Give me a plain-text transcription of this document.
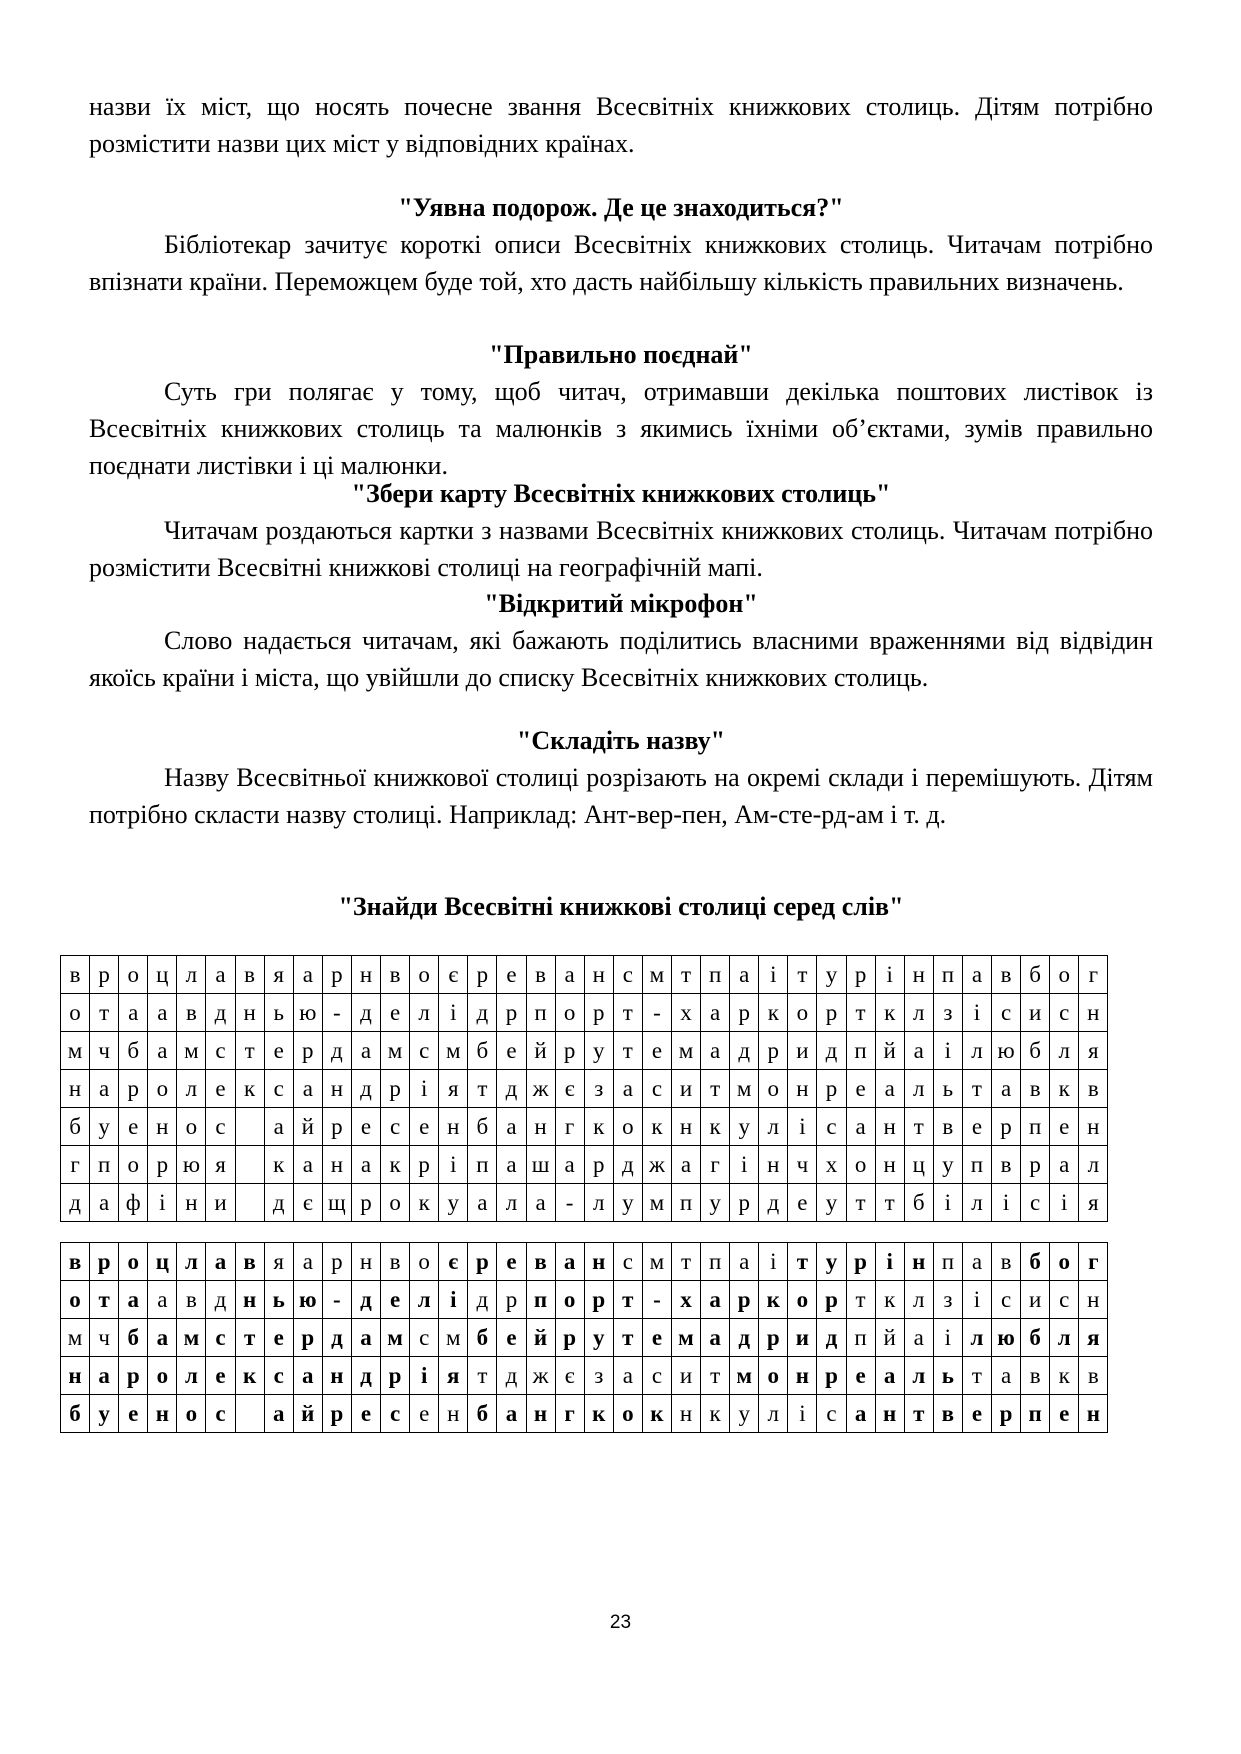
назви їх міст, що носять почесне звання Всесвітніх книжкових столиць. Дітям потрібно розмістити назви цих міст у відповідних країнах.

"Уявна подорож. Де це знаходиться?"

Бібліотекар зачитує короткі описи Всесвітніх книжкових столиць. Читачам потрібно впізнати країни. Переможцем буде той, хто дасть найбільшу кількість правильних визначень.

"Правильно поєднай"

Суть гри полягає у тому, щоб читач, отримавши декілька поштових листівок із Всесвітніх книжкових столиць та малюнків з якимись їхніми об’єктами, зумів правильно поєднати листівки і ці малюнки.

"Збери карту Всесвітніх книжкових столиць"

Читачам роздаються картки з назвами Всесвітніх книжкових столиць. Читачам потрібно розмістити Всесвітні книжкові столиці на географічній мапі.

"Відкритий мікрофон"

Слово надається читачам, які бажають поділитись власними враженнями від відвідин якоїсь країни і міста, що увійшли до списку Всесвітніх книжкових столиць.

"Складіть назву"

Назву Всесвітньої книжкової столиці розрізають на окремі склади і перемішують. Дітям потрібно скласти назву столиці. Наприклад: Ант-вер-пен, Ам-сте-рд-ам і т. д.

"Знайди Всесвітні книжкові столиці серед слів"

в	р	о	ц	л	а	в	я	а	р	н	в	о	є	р	е	в	а	н	с	м	т	п	а	і	т	у	р	і	н	п	а	в	б	о	г
о	т	а	а	в	д	н	ь	ю	-	д	е	л	і	д	р	п	о	р	т	-	х	а	р	к	о	р	т	к	л	з	і	с	и	с	н
м	ч	б	а	м	с	т	е	р	д	а	м	с	м	б	е	й	р	у	т	е	м	а	д	р	и	д	п	й	а	і	л	ю	б	л	я
н	а	р	о	л	е	к	с	а	н	д	р	і	я	т	д	ж	є	з	а	с	и	т	м	о	н	р	е	а	л	ь	т	а	в	к	в
б	у	е	н	о	с		а	й	р	е	с	е	н	б	а	н	г	к	о	к	н	к	у	л	і	с	а	н	т	в	е	р	п	е	н
г	п	о	р	ю	я		к	а	н	а	к	р	і	п	а	ш	а	р	д	ж	а	г	і	н	ч	х	о	н	ц	у	п	в	р	а	л
д	а	ф	і	н	и		д	є	щ	р	о	к	у	а	л	а	-	л	у	м	п	у	р	д	е	у	т	т	б	і	л	і	с	і	я
в	р	о	ц	л	а	в	я	а	р	н	в	о	є	р	е	в	а	н	с	м	т	п	а	і	т	у	р	і	н	п	а	в	б	о	г
о	т	а	а	в	д	н	ь	ю	-	д	е	л	і	д	р	п	о	р	т	-	х	а	р	к	о	р	т	к	л	з	і	с	и	с	н
м	ч	б	а	м	с	т	е	р	д	а	м	с	м	б	е	й	р	у	т	е	м	а	д	р	и	д	п	й	а	і	л	ю	б	л	я
н	а	р	о	л	е	к	с	а	н	д	р	і	я	т	д	ж	є	з	а	с	и	т	м	о	н	р	е	а	л	ь	т	а	в	к	в
б	у	е	н	о	с		а	й	р	е	с	е	н	б	а	н	г	к	о	к	н	к	у	л	і	с	а	н	т	в	е	р	п	е	н
23
